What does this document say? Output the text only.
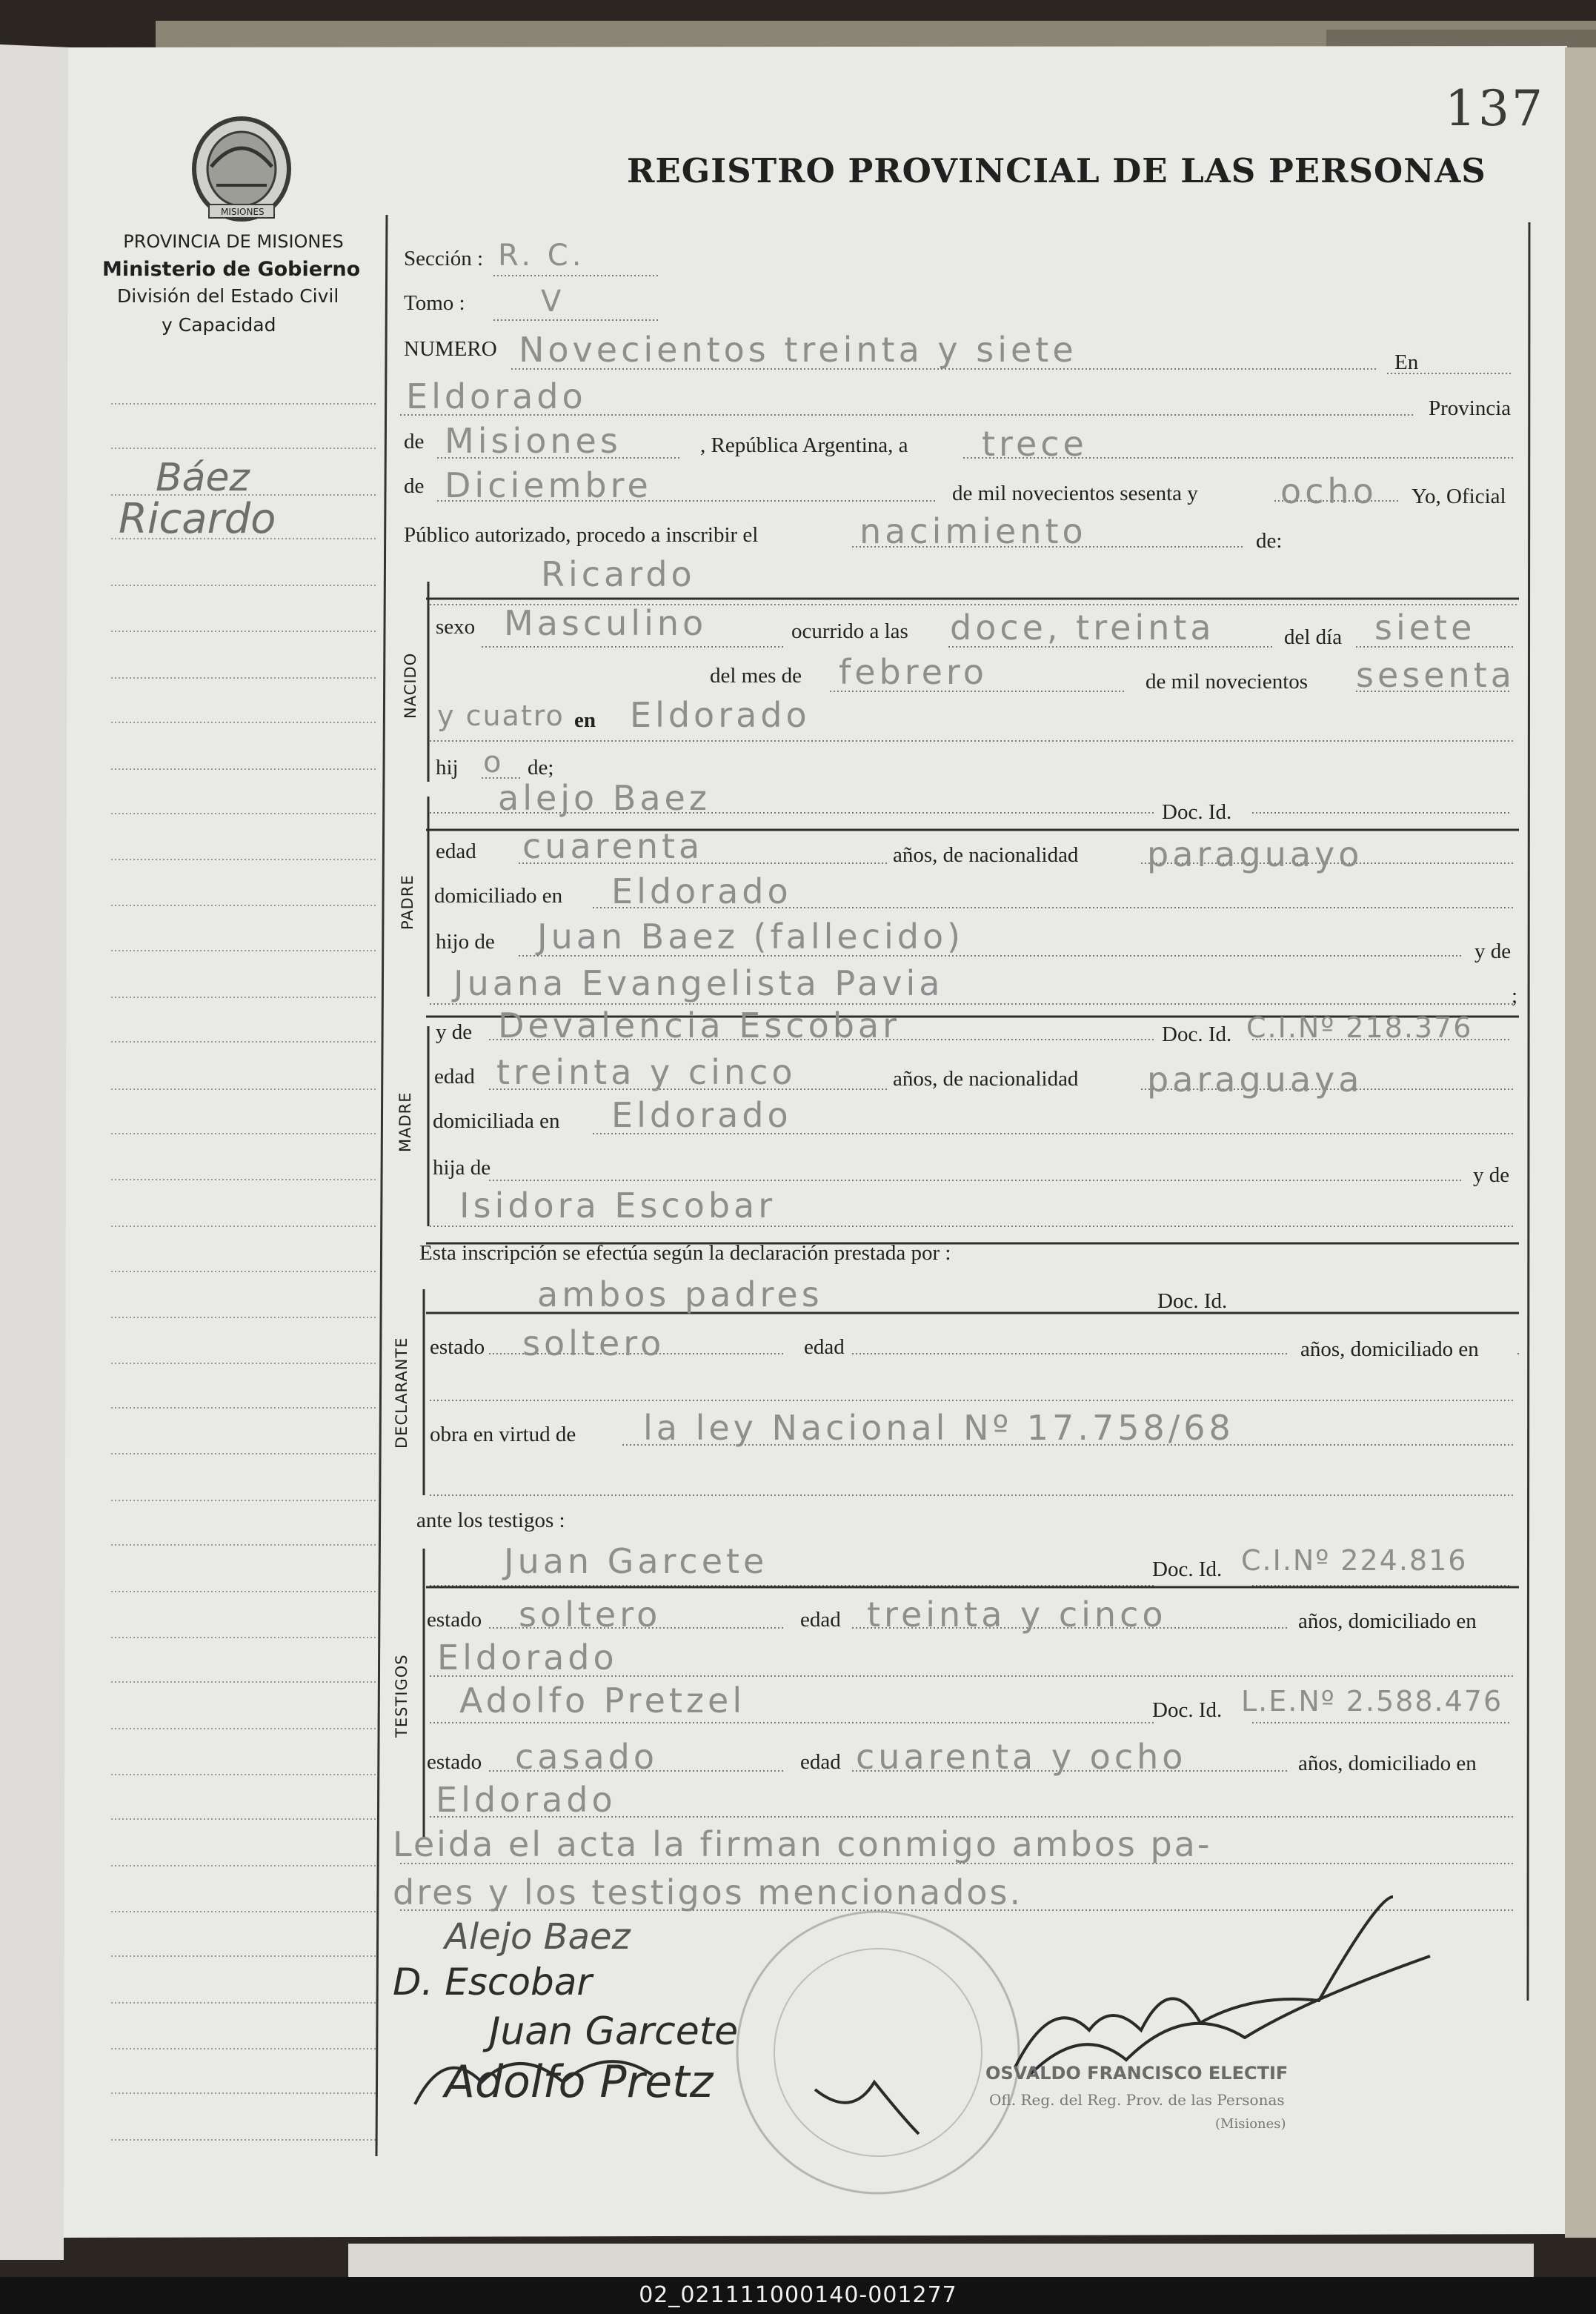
137
REGISTRO PROVINCIAL DE LAS PERSONAS
PROVINCIA DE MISIONES
Ministerio de Gobierno
División del Estado Civil
y Capacidad
MISIONES
Báez
Ricardo
Sección : R. C.
Tomo :	V
NUMERO Novecientos treinta y siete	En
Eldorado	Provincia
de Misiones	, República Argentina, a trece
de Diciembre	de mil novecientos sesenta y ocho Yo, Oficial
Público autorizado, procedo a inscribir el	nacimiento	de:
Ricardo
NACIDO
PADRE
MADRE
DECLARANTE
TESTIGOS
sexo Masculino	ocurrido a las doce, treinta	del día siete
del mes de febrero	de mil novecientos sesenta
y cuatro en Eldorado
hij o de;
alejo Baez	Doc. Id.
edad cuarenta	años, de nacionalidad paraguayo
domiciliado en Eldorado
hijo de Juan Baez (fallecido)	y de
Juana Evangelista Pavia	;
y de Devalencia Escobar	Doc. Id. C.I.Nº 218.376
edad treinta y cinco	años, de nacionalidad paraguaya
domiciliada en Eldorado
hija de	y de
Isidora Escobar
Esta inscripción se efectúa según la declaración prestada por :
ambos padres	Doc. Id.
estado soltero	edad	años, domiciliado en
obra en virtud de la ley Nacional Nº 17.758/68
ante los testigos :
Juan Garcete	Doc. Id. C.I.Nº 224.816
estado soltero	edad treinta y cinco	años, domiciliado en
Eldorado
Adolfo Pretzel	Doc. Id. L.E.Nº 2.588.476
estado casado	edad cuarenta y ocho	años, domiciliado en
Eldorado
Leida el acta la firman conmigo ambos pa-
dres y los testigos mencionados.
Alejo Baez
D. Escobar
Juan Garcete
Adolfo Pretz	OSVALDO FRANCISCO ELECTIF
Ofl. Reg. del Reg. Prov. de las Personas
(Misiones)
02_021111000140-001277
